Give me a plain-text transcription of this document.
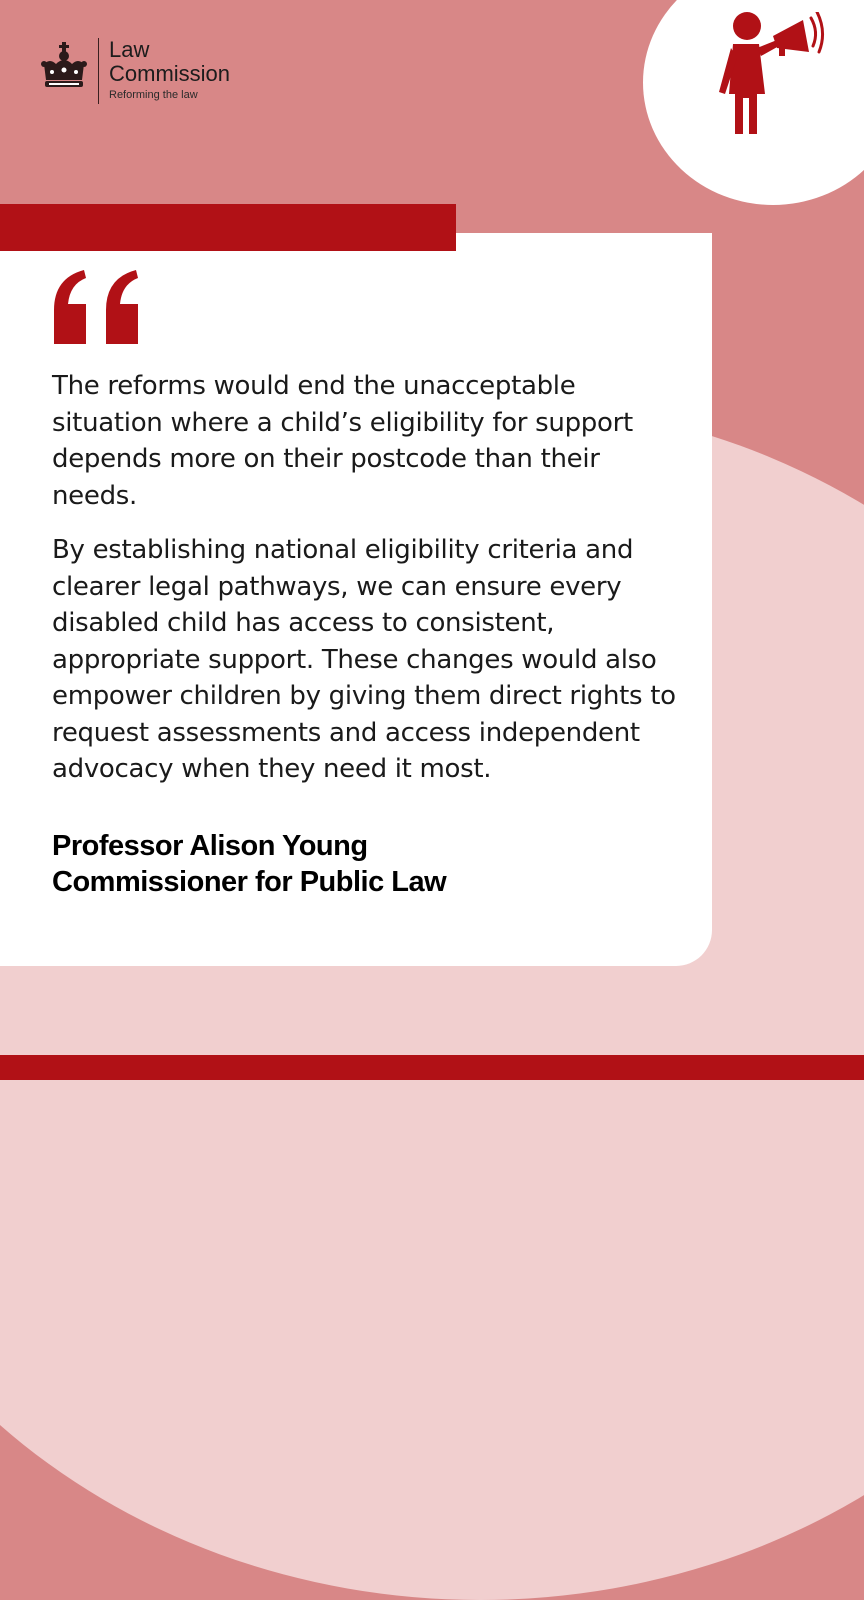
Law
Commission
Reforming the law

The reforms would end the unacceptable situation where a child’s eligibility for support depends more on their postcode than their needs.

By establishing national eligibility criteria and clearer legal pathways, we can ensure every disabled child has access to consistent, appropriate support. These changes would also empower children by giving them direct rights to request assessments and access independent advocacy when they need it most.

Professor Alison Young
Commissioner for Public Law
